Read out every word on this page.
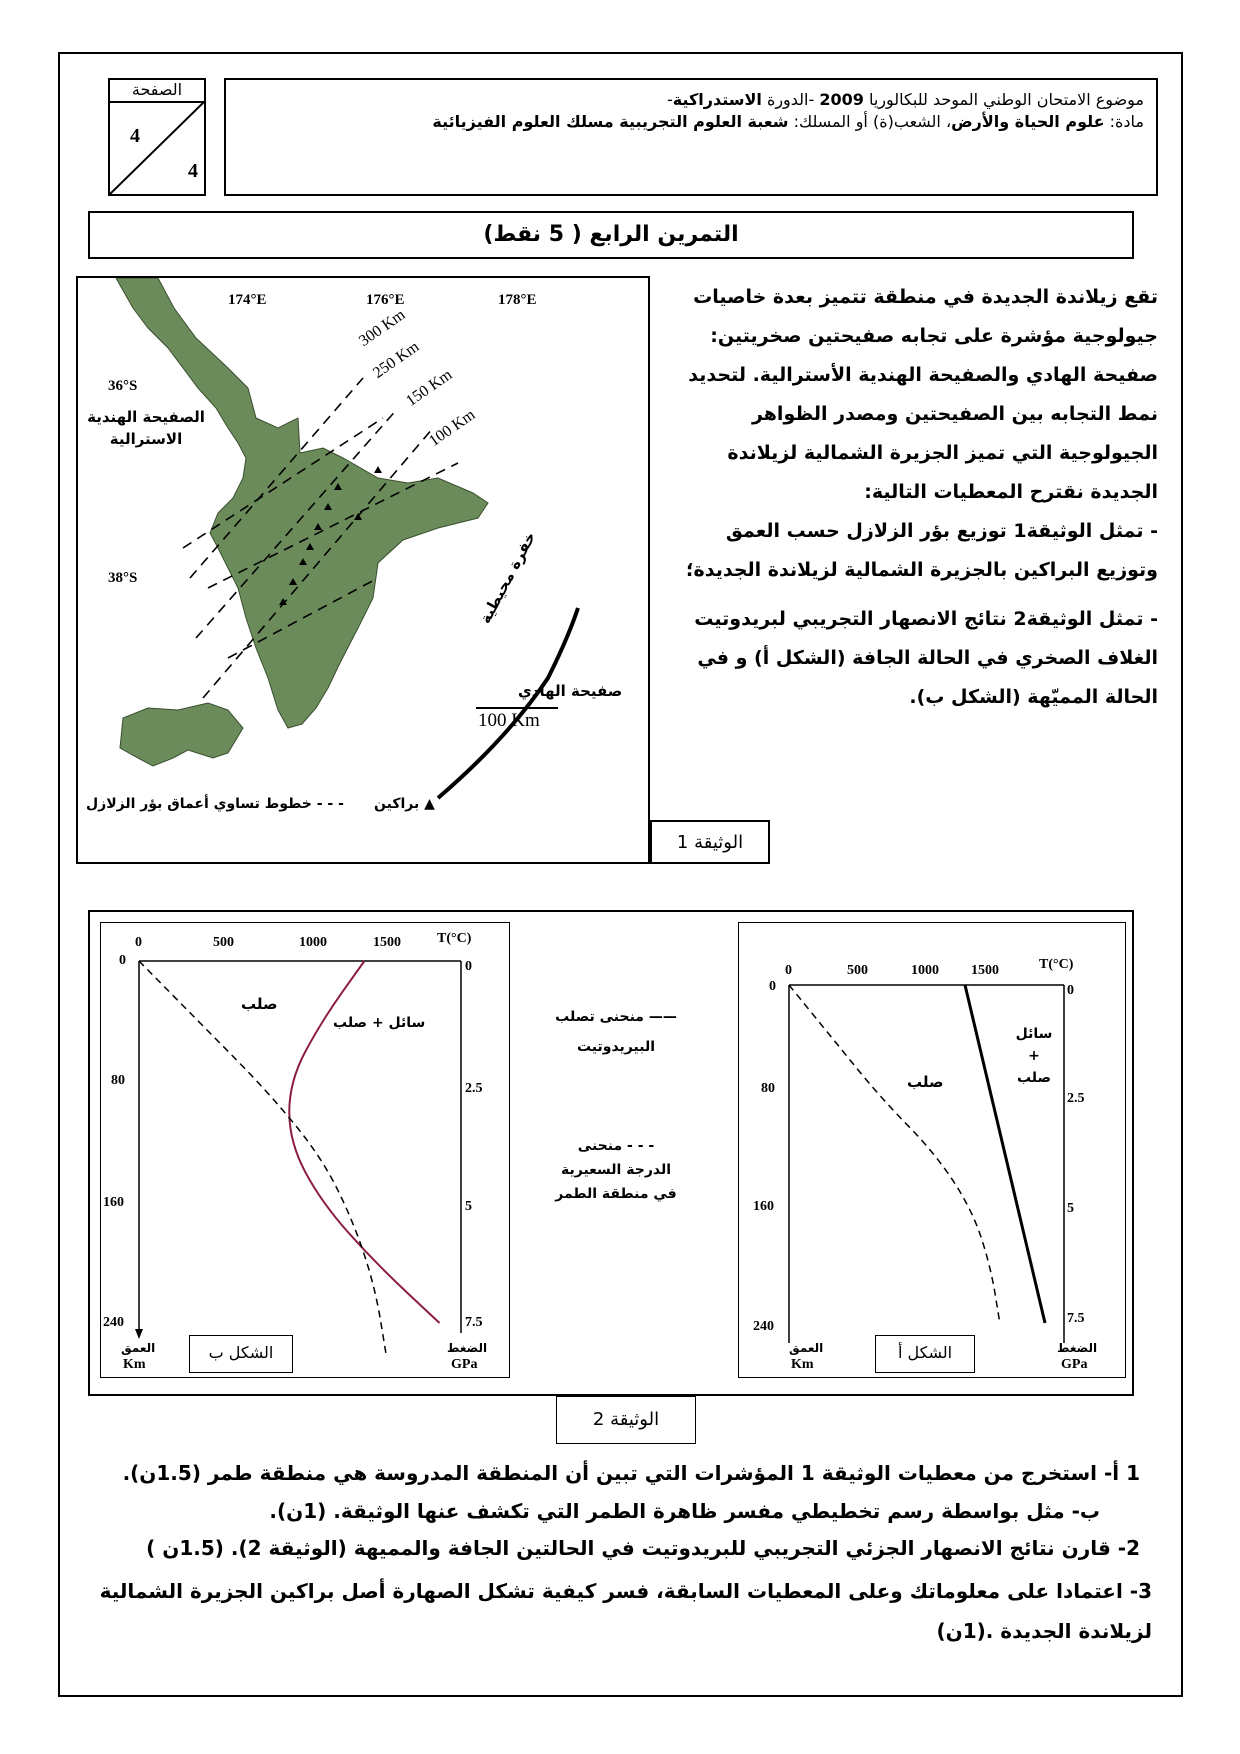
الصفحة
4
4
موضوع الامتحان الوطني الموحد للبكالوريا 2009 -الدورة الاستدراكية-
مادة: علوم الحياة والأرض، الشعب(ة) أو المسلك: شعبة العلوم التجريبية مسلك العلوم الفيزيائية
التمرين الرابع ( 5 نقط)
174°E	176°E	178°E
36°S
38°S
300 Km
250 Km
150 Km
100 Km
الصفيحة الهندية الاسترالية
خفرة محيطية
صفيحة الهادي
100 Km
▲ براكين
- - - خطوط تساوي أعماق بؤر الزلازل
الوثيقة 1

تقع زيلاندة الجديدة في منطقة تتميز بعدة خاصيات جيولوجية مؤشرة على تجابه صفيحتين صخريتين: صفيحة الهادي والصفيحة الهندية الأسترالية. لتحديد نمط التجابه بين الصفيحتين ومصدر الظواهر الجيولوجية التي تميز الجزيرة الشمالية لزيلاندة الجديدة نقترح المعطيات التالية:

- تمثل الوثيقة1 توزيع بؤر الزلازل حسب العمق وتوزيع البراكين بالجزيرة الشمالية لزيلاندة الجديدة؛

- تمثل الوثيقة2 نتائج الانصهار التجريبي لبريدوتيت الغلاف الصخري في الحالة الجافة (الشكل أ) و في الحالة المميّهة (الشكل ب).

0	500	1000	1500	T(°C)
0
80
160
240
0
2.5
5
7.5
صلب
سائل + صلب
العمق
Km
الضغط
GPa
الشكل ب
—— منحنى تصلب
البيريدوتيت
- - - منحنى
الدرجة السعيرية
في منطقة الطمر
0	500	1000 1500	T(°C)
0
80
160
240
0
2.5
5
7.5
صلب
سائل
+
صلب
العمق
Km
الضغط
GPa
الشكل أ
الوثيقة 2
1 أ- استخرج من معطيات الوثيقة 1 المؤشرات التي تبين أن المنطقة المدروسة هي منطقة طمر (1.5ن).
ب- مثل بواسطة رسم تخطيطي مفسر ظاهرة الطمر التي تكشف عنها الوثيقة. (1ن).
2- قارن نتائج الانصهار الجزئي التجريبي للبريدوتيت في الحالتين الجافة والمميهة (الوثيقة 2). (1.5ن )
3- اعتمادا على معلوماتك وعلى المعطيات السابقة، فسر كيفية تشكل الصهارة أصل براكين الجزيرة الشمالية لزيلاندة الجديدة .(1ن)
